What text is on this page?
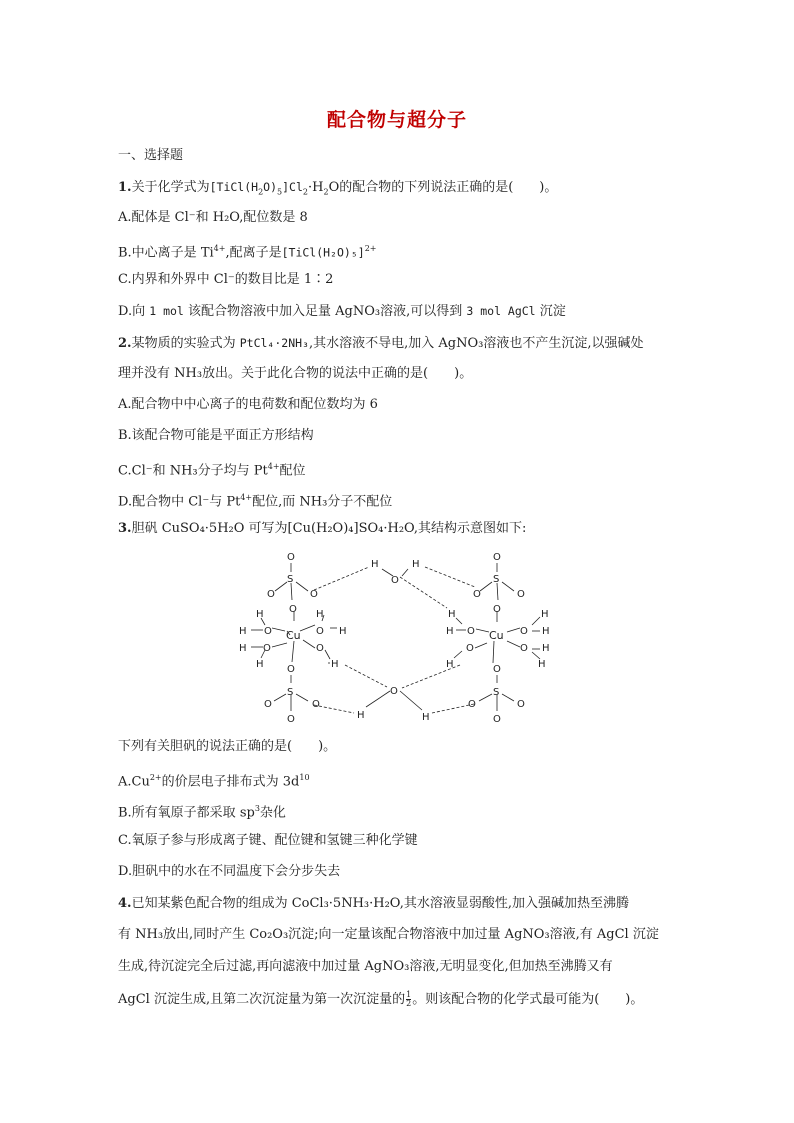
配合物与超分子
一、选择题
1.关于化学式为$[TiCl(H_2O)_5]Cl_2\cdot H_2O$的配合物的下列说法正确的是(　　)。
A.配体是 Cl⁻和 H₂O,配位数是 8
B.中心离子是 $Ti^{4+}$,配离子是[TiCl(H₂O)₅]$^{2+}$
C.内界和外界中 Cl⁻的数目比是 1∶2
D.向 1 mol 该配合物溶液中加入足量 AgNO₃溶液,可以得到 3 mol AgCl 沉淀
2.某物质的实验式为 PtCl₄·2NH₃,其水溶液不导电,加入 AgNO₃溶液也不产生沉淀,以强碱处
理并没有 NH₃放出。关于此化合物的说法中正确的是(　　)。
A.配合物中中心离子的电荷数和配位数均为 6
B.该配合物可能是平面正方形结构
C.Cl⁻和 NH₃分子均与 $Pt^{4+}$配位
D.配合物中 Cl⁻与 $Pt^{4+}$配位,而 NH₃分子不配位
3.胆矾 CuSO₄·5H₂O 可写为[Cu(H₂O)₄]SO₄·H₂O,其结构示意图如下:
O
S
O	O
O
H	H
O
O
S
O	O
O
H
H O Cu
H
O H
H O
H
O
H
H
H O Cu O
H
H
O
H
O H
H
O
S
O	O
O
O
H	H
O
S
O	O
O
下列有关胆矾的说法正确的是(　　)。
$A.Cu^{2+}$的价层电子排布式为 $3d^{10}$
B.所有氧原子都采取 $sp^3$杂化
C.氧原子参与形成离子键、配位键和氢键三种化学键
D.胆矾中的水在不同温度下会分步失去
4.已知某紫色配合物的组成为 CoCl₃·5NH₃·H₂O,其水溶液显弱酸性,加入强碱加热至沸腾
有 NH₃放出,同时产生 Co₂O₃沉淀;向一定量该配合物溶液中加过量 AgNO₃溶液,有 AgCl 沉淀
生成,待沉淀完全后过滤,再向滤液中加过量 AgNO₃溶液,无明显变化,但加热至沸腾又有
AgCl 沉淀生成,且第二次沉淀量为第一次沉淀量的 $\frac{1}{2}$ 。则该配合物的化学式最可能为(　　)。
